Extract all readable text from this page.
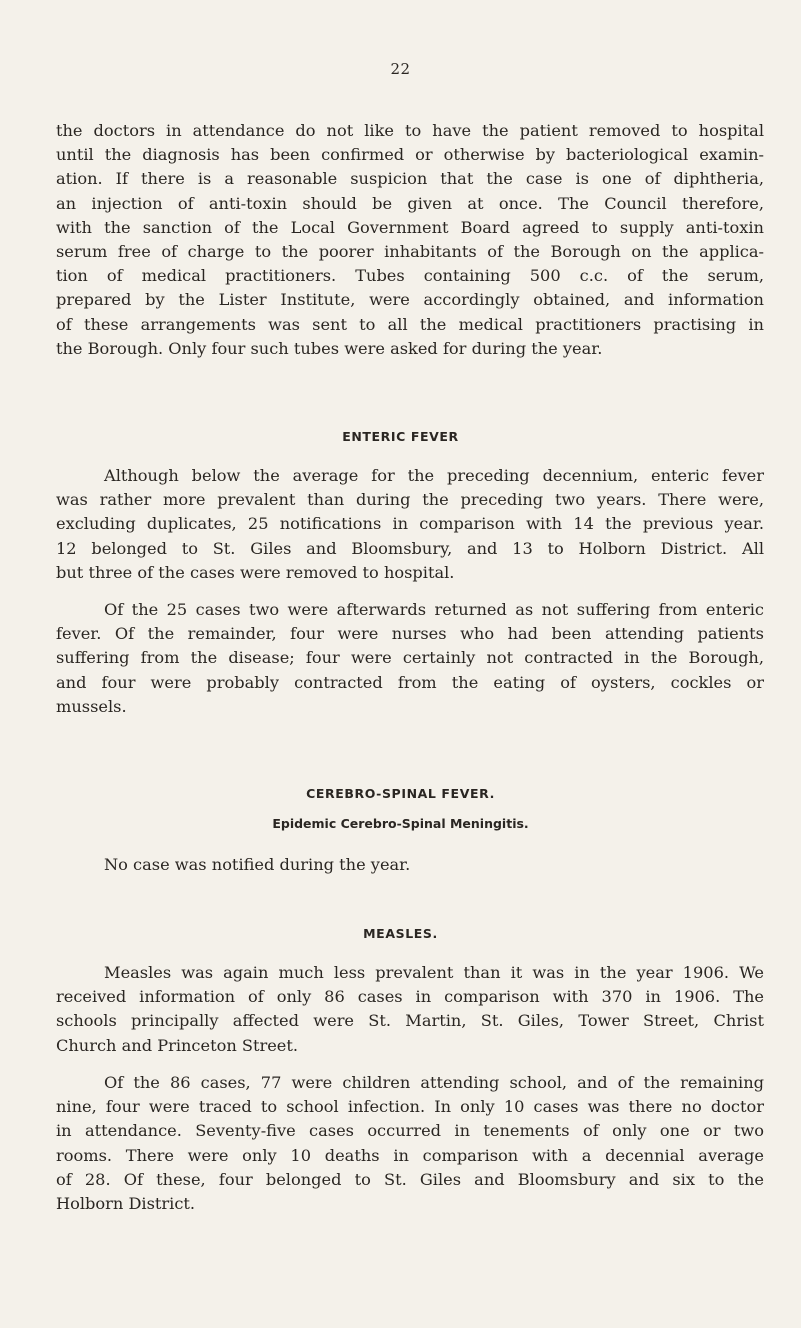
22
the doctors in attendance do not like to have the patient removed to hospital
until the diagnosis has been confirmed or otherwise by bacteriological examin-
ation. If there is a reasonable suspicion that the case is one of diphtheria,
an injection of anti-toxin should be given at once. The Council therefore,
with the sanction of the Local Government Board agreed to supply anti-toxin
serum free of charge to the poorer inhabitants of the Borough on the applica-
tion of medical practitioners. Tubes containing 500 c.c. of the serum,
prepared by the Lister Institute, were accordingly obtained, and information
of these arrangements was sent to all the medical practitioners practising in
the Borough. Only four such tubes were asked for during the year.
ENTERIC FEVER
Although below the average for the preceding decennium, enteric fever
was rather more prevalent than during the preceding two years. There were,
excluding duplicates, 25 notifications in comparison with 14 the previous year.
12 belonged to St. Giles and Bloomsbury, and 13 to Holborn District. All
but three of the cases were removed to hospital.
Of the 25 cases two were afterwards returned as not suffering from enteric
fever. Of the remainder, four were nurses who had been attending patients
suffering from the disease; four were certainly not contracted in the Borough,
and four were probably contracted from the eating of oysters, cockles or
mussels.
CEREBRO-SPINAL FEVER.
Epidemic Cerebro-Spinal Meningitis.
No case was notified during the year.
MEASLES.
Measles was again much less prevalent than it was in the year 1906. We
received information of only 86 cases in comparison with 370 in 1906. The
schools principally affected were St. Martin, St. Giles, Tower Street, Christ
Church and Princeton Street.
Of the 86 cases, 77 were children attending school, and of the remaining
nine, four were traced to school infection. In only 10 cases was there no doctor
in attendance. Seventy-five cases occurred in tenements of only one or two
rooms. There were only 10 deaths in comparison with a decennial average
of 28. Of these, four belonged to St. Giles and Bloomsbury and six to the
Holborn District.
